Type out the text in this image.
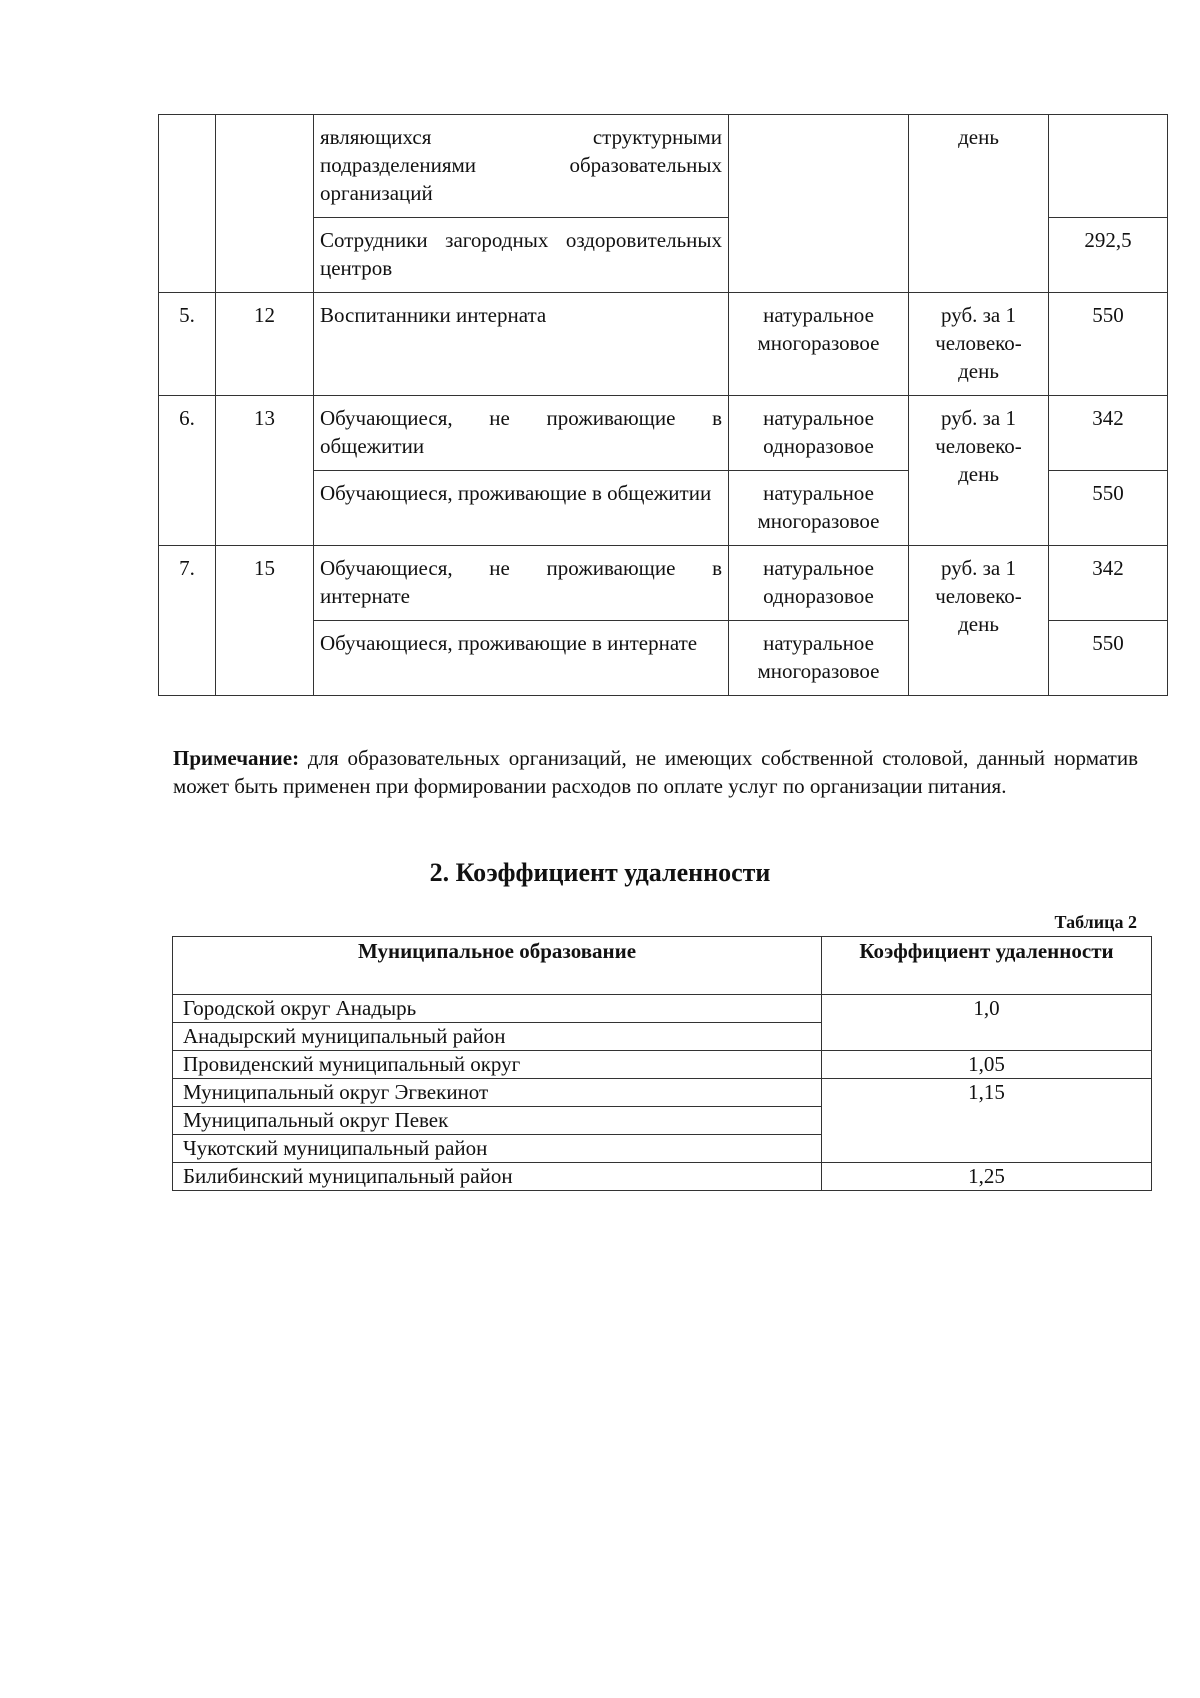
		являющихся структурными подразделениями образовательных организаций		день	
		Сотрудники загородных оздоровительных центров			292,5
5.	12	Воспитанники интерната	натуральное многоразовое	руб. за 1 человеко-день	550
6.	13	Обучающиеся, не проживающие в общежитии	натуральное одноразовое	руб. за 1 человеко-день	342
		Обучающиеся, проживающие в общежитии	натуральное многоразовое		550
7.	15	Обучающиеся, не проживающие в интернате	натуральное одноразовое	руб. за 1 человеко-день	342
		Обучающиеся, проживающие в интернате	натуральное многоразовое		550
Примечание: для образовательных организаций, не имеющих собственной столовой, данный норматив может быть применен при формировании расходов по оплате услуг по организации питания.
2. Коэффициент удаленности
Таблица 2
Муниципальное образование	Коэффициент удаленности
Городской округ Анадырь	1,0
Анадырский муниципальный район	
Провиденский муниципальный округ	1,05
Муниципальный округ Эгвекинот	1,15
Муниципальный округ Певек	
Чукотский муниципальный район	
Билибинский муниципальный район	1,25
